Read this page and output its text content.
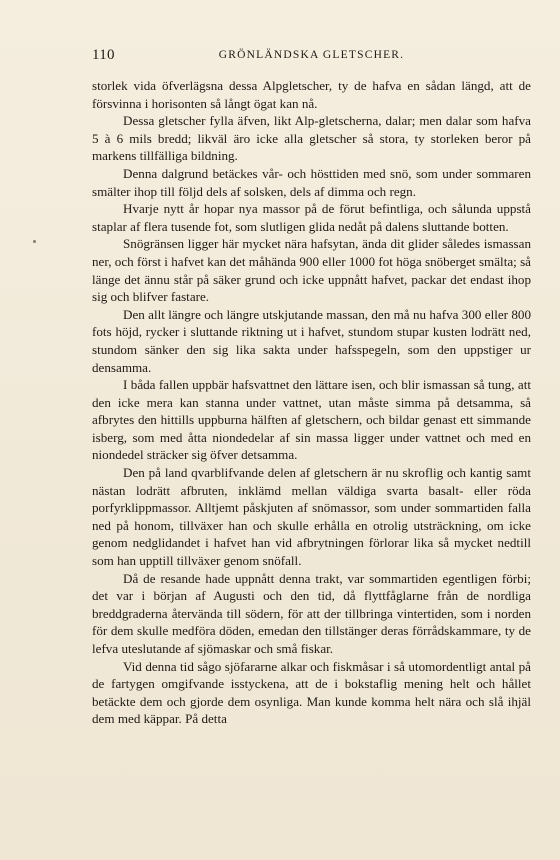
110	GRÖNLÄNDSKA GLETSCHER.

storlek vida öfverlägsna dessa Alpgletscher, ty de hafva en sådan längd, att de försvinna i horisonten så långt ögat kan nå.

Dessa gletscher fylla äfven, likt Alp-gletscherna, dalar; men dalar som hafva 5 à 6 mils bredd; likväl äro icke alla gletscher så stora, ty storleken beror på markens tillfälliga bildning.

Denna dalgrund betäckes vår- och hösttiden med snö, som under sommaren smälter ihop till följd dels af solsken, dels af dimma och regn.

Hvarje nytt år hopar nya massor på de förut befintliga, och sålunda uppstå staplar af flera tusende fot, som slutligen glida nedåt på dalens sluttande botten.

Snögränsen ligger här mycket nära hafsytan, ända dit glider således ismassan ner, och först i hafvet kan det måhända 900 eller 1000 fot höga snöberget smälta; så länge det ännu står på säker grund och icke uppnått hafvet, packar det endast ihop sig och blifver fastare.

Den allt längre och längre utskjutande massan, den må nu hafva 300 eller 800 fots höjd, rycker i sluttande riktning ut i hafvet, stundom stupar kusten lodrätt ned, stundom sänker den sig lika sakta under hafsspegeln, som den uppstiger ur densamma.

I båda fallen uppbär hafsvattnet den lättare isen, och blir ismassan så tung, att den icke mera kan stanna under vattnet, utan måste simma på detsamma, så afbrytes den hittills uppburna hälften af gletschern, och bildar genast ett simmande isberg, som med åtta niondedelar af sin massa ligger under vattnet och med en niondedel sträcker sig öfver detsamma.

Den på land qvarblifvande delen af gletschern är nu skroflig och kantig samt nästan lodrätt afbruten, inklämd mellan väldiga svarta basalt- eller röda porfyrklippmassor. Alltjemt påskjuten af snömassor, som under sommartiden falla ned på honom, tillväxer han och skulle erhålla en otrolig utsträckning, om icke genom nedglidandet i hafvet han vid afbrytningen förlorar lika så mycket nedtill som han upptill tillväxer genom snöfall.

Då de resande hade uppnått denna trakt, var sommartiden egentligen förbi; det var i början af Augusti och den tid, då flyttfåglarne från de nordliga breddgraderna återvända till södern, för att der tillbringa vintertiden, som i norden för dem skulle medföra döden, emedan den tillstänger deras förrådskammare, ty de lefva uteslutande af sjömaskar och små fiskar.

Vid denna tid sågo sjöfararne alkar och fiskmåsar i så utomordentligt antal på de fartygen omgifvande isstyckena, att de i bokstaflig mening helt och hållet betäckte dem och gjorde dem osynliga. Man kunde komma helt nära och slå ihjäl dem med käppar. På detta
